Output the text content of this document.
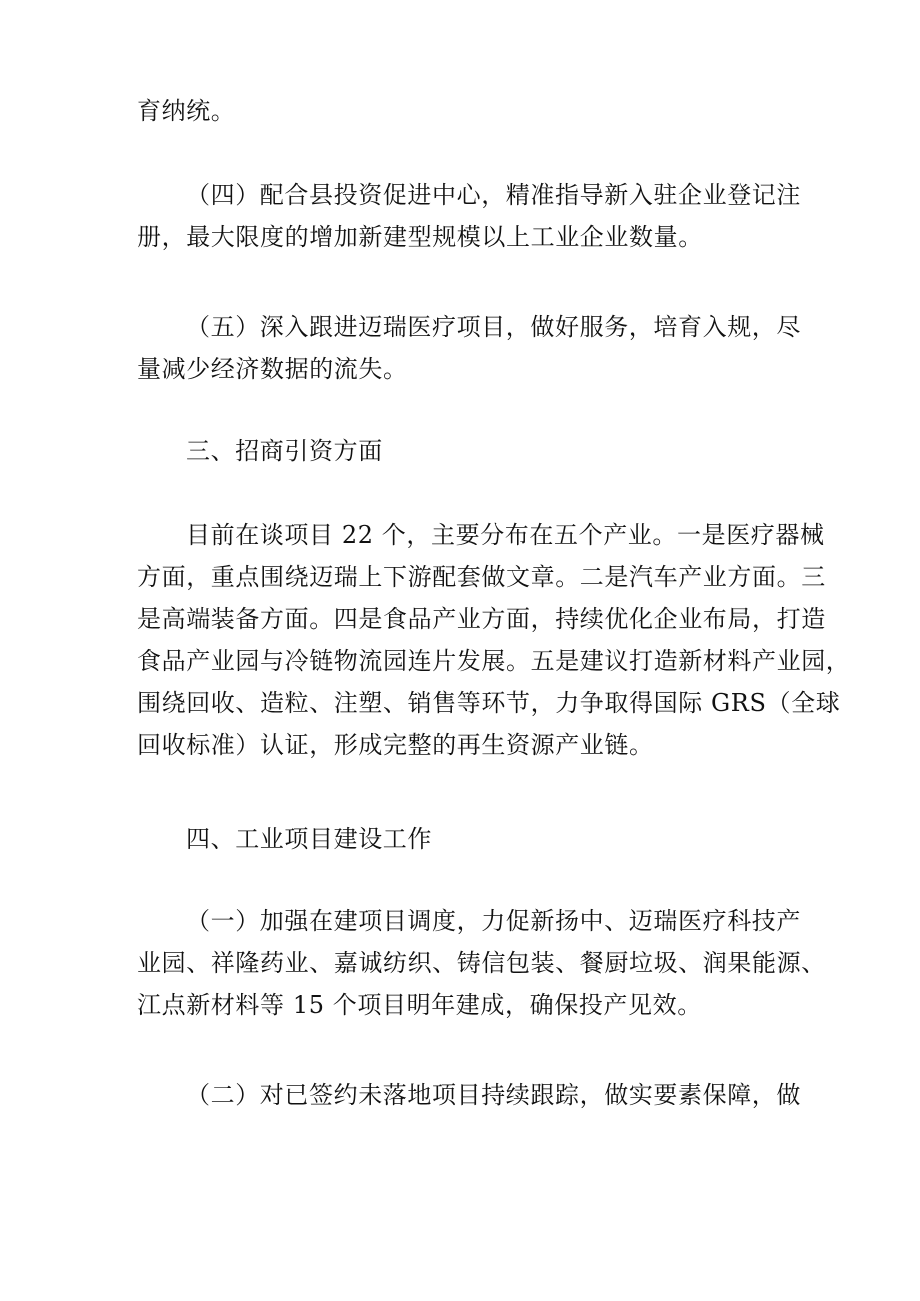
育纳统。
（四）配合县投资促进中心，精准指导新入驻企业登记注
册，最大限度的增加新建型规模以上工业企业数量。
（五）深入跟进迈瑞医疗项目，做好服务，培育入规，尽
量减少经济数据的流失。
三、招商引资方面
目前在谈项目 22 个，主要分布在五个产业。一是医疗器械
方面，重点围绕迈瑞上下游配套做文章。二是汽车产业方面。三
是高端装备方面。四是食品产业方面，持续优化企业布局，打造
食品产业园与冷链物流园连片发展。五是建议打造新材料产业园，
围绕回收、造粒、注塑、销售等环节，力争取得国际 GRS（全球
回收标准）认证，形成完整的再生资源产业链。
四、工业项目建设工作
（一）加强在建项目调度，力促新扬中、迈瑞医疗科技产
业园、祥隆药业、嘉诚纺织、铸信包装、餐厨垃圾、润果能源、
江点新材料等 15 个项目明年建成，确保投产见效。
（二）对已签约未落地项目持续跟踪，做实要素保障，做
